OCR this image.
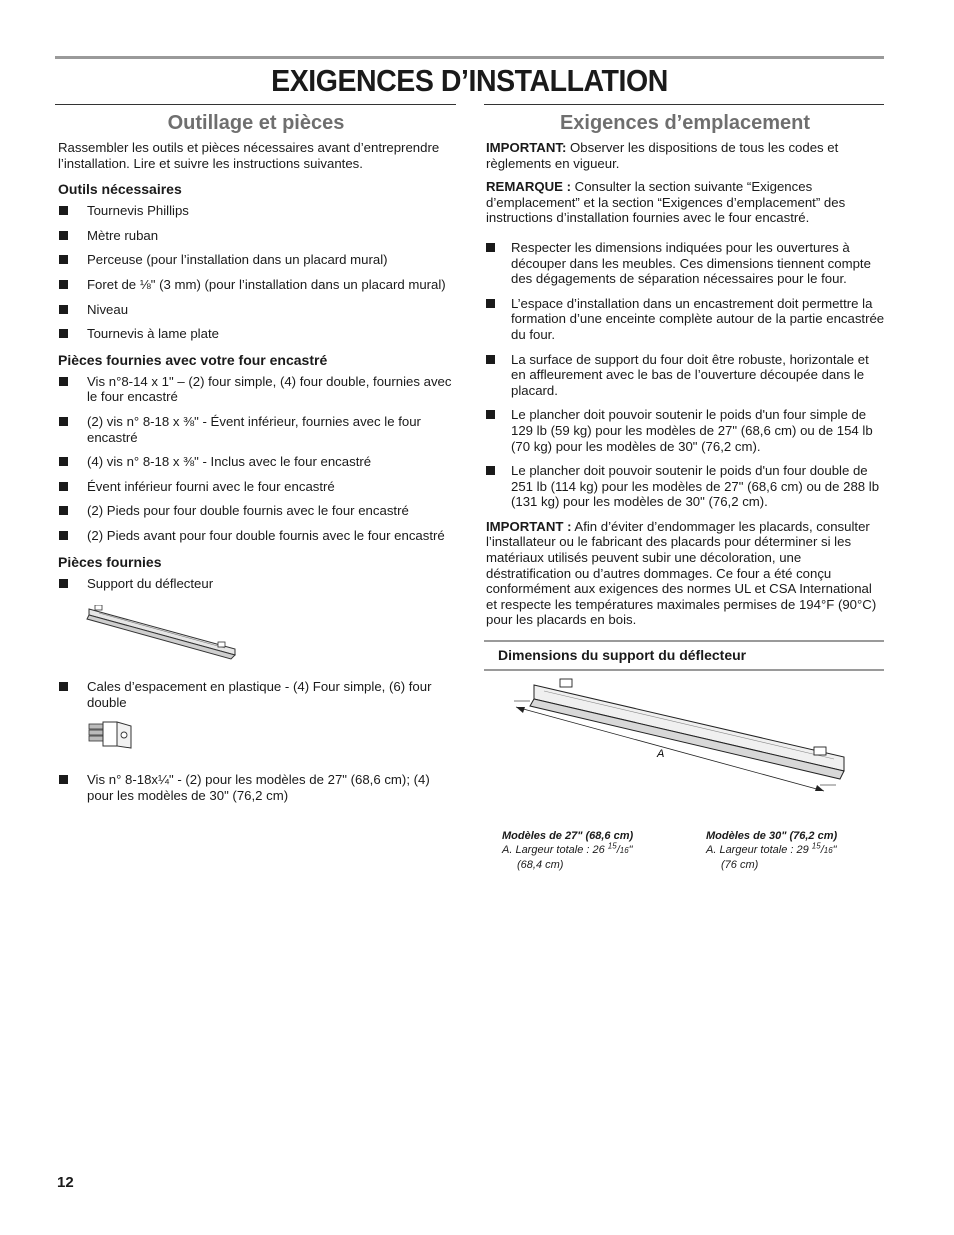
EXIGENCES D’INSTALLATION
Outillage et pièces

Rassembler les outils et pièces nécessaires avant d’entreprendre l’installation. Lire et suivre les instructions suivantes.

Outils nécessaires
Tournevis Phillips
Mètre ruban
Perceuse (pour l’installation dans un placard mural)
Foret de ⅛" (3 mm) (pour l’installation dans un placard mural)
Niveau
Tournevis à lame plate
Pièces fournies avec votre four encastré
Vis n°8-14 x 1" – (2) four simple, (4) four double, fournies avec le four encastré
(2) vis n° 8-18 x ⅜" - Évent inférieur, fournies avec le four encastré
(4) vis n° 8-18 x ⅜" - Inclus avec le four encastré
Évent inférieur fourni avec le four encastré
(2) Pieds pour four double fournis avec le four encastré
(2) Pieds avant pour four double fournis avec le four encastré
Pièces fournies
Support du déflecteur
Cales d’espacement en plastique - (4) Four simple, (6) four double
Vis n° 8-18x¼" - (2) pour les modèles de 27" (68,6 cm); (4) pour les modèles de 30" (76,2 cm)
Exigences d’emplacement

IMPORTANT: Observer les dispositions de tous les codes et règlements en vigueur.

REMARQUE : Consulter la section suivante “Exigences d’emplacement” et la section “Exigences d’emplacement” des instructions d’installation fournies avec le four encastré.

Respecter les dimensions indiquées pour les ouvertures à découper dans les meubles. Ces dimensions tiennent compte des dégagements de séparation nécessaires pour le four.
L’espace d’installation dans un encastrement doit permettre la formation d’une enceinte complète autour de la partie encastrée du four.
La surface de support du four doit être robuste, horizontale et en affleurement avec le bas de l’ouverture découpée dans le placard.
Le plancher doit pouvoir soutenir le poids d'un four simple de 129 lb (59 kg) pour les modèles de 27" (68,6 cm) ou de 154 lb (70 kg) pour les modèles de 30" (76,2 cm).
Le plancher doit pouvoir soutenir le poids d'un four double de 251 lb (114 kg) pour les modèles de 27" (68,6 cm) ou de 288 lb (131 kg) pour les modèles de 30" (76,2 cm).

IMPORTANT : Afin d’éviter d’endommager les placards, consulter l’installateur ou le fabricant des placards pour déterminer si les matériaux utilisés peuvent subir une décoloration, une déstratification ou d’autres dommages. Ce four a été conçu conformément aux exigences des normes UL et CSA International et respecte les températures maximales permises de 194°F (90°C) pour les placards en bois.

Dimensions du support du déflecteur
A
Modèles de 27" (68,6 cm)
A. Largeur totale : 26 $^{15}$/16"
(68,4 cm)
Modèles de 30" (76,2 cm)
A. Largeur totale : 29 $^{15}$/16"
(76 cm)
12
